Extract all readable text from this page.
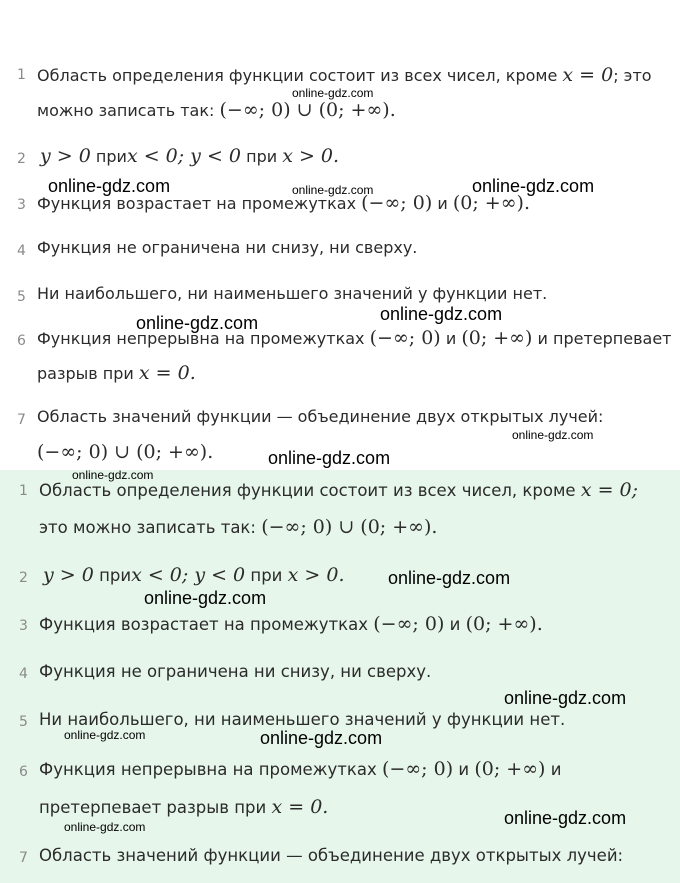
1 Область определения функции состоит из всех чисел, кроме x = 0; это
можно записать так: (−∞; 0) ∪ (0; +∞).
2 y > 0 приx < 0; y < 0 при x > 0.
3 Функция возрастает на промежутках (−∞; 0) и (0; +∞).
4 Функция не ограничена ни снизу, ни сверху.
5 Ни наибольшего, ни наименьшего значений у функции нет.
6 Функция непрерывна на промежутках (−∞; 0) и (0; +∞) и претерпевает
разрыв при x = 0.
7 Область значений функции — объединение двух открытых лучей:
(−∞; 0) ∪ (0; +∞).
1 Область определения функции состоит из всех чисел, кроме x = 0;
это можно записать так: (−∞; 0) ∪ (0; +∞).
2 y > 0 приx < 0; y < 0 при x > 0.
3 Функция возрастает на промежутках (−∞; 0) и (0; +∞).
4 Функция не ограничена ни снизу, ни сверху.
5 Ни наибольшего, ни наименьшего значений у функции нет.
6 Функция непрерывна на промежутках (−∞; 0) и (0; +∞) и
претерпевает разрыв при x = 0.
7 Область значений функции — объединение двух открытых лучей:
online-gdz.com
online-gdz.com	online-gdz.com	online-gdz.com
online-gdz.com
online-gdz.com
online-gdz.com
online-gdz.com
online-gdz.com
online-gdz.com
online-gdz.com
online-gdz.com
online-gdz.com	online-gdz.com
online-gdz.com
online-gdz.com
